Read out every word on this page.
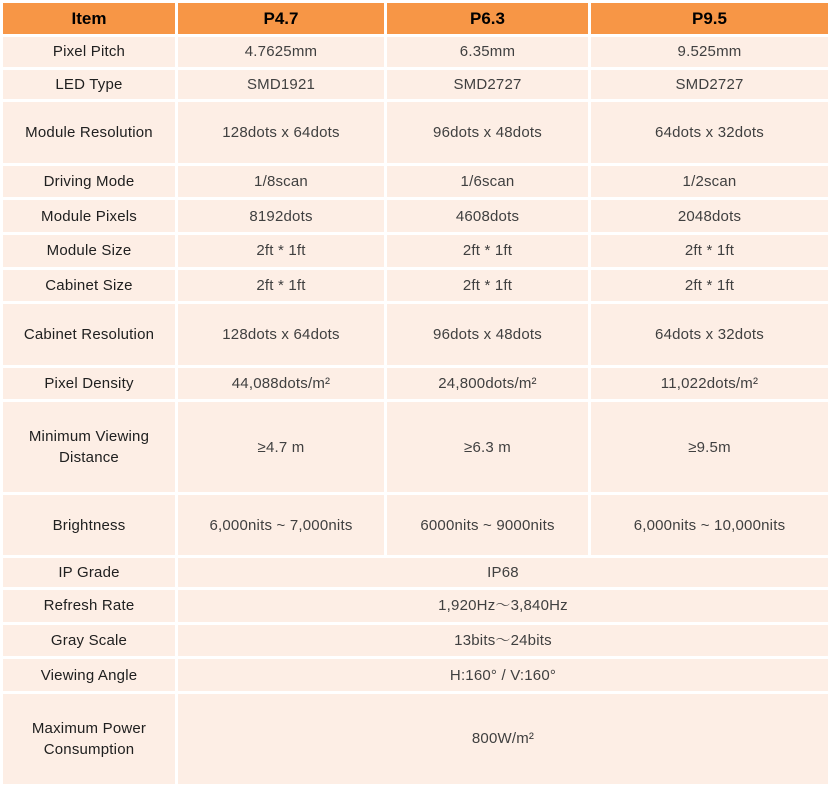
Item	P4.7	P6.3	P9.5
Pixel Pitch	4.7625mm	6.35mm	9.525mm
LED Type	SMD1921	SMD2727	SMD2727
Module Resolution	128dots x 64dots	96dots x 48dots	64dots x 32dots
Driving Mode	1/8scan	1/6scan	1/2scan
Module Pixels	8192dots	4608dots	2048dots
Module Size	2ft * 1ft	2ft * 1ft	2ft * 1ft
Cabinet Size	2ft * 1ft	2ft * 1ft	2ft * 1ft
Cabinet Resolution	128dots x 64dots	96dots x 48dots	64dots x 32dots
Pixel Density	44,088dots/m²	24,800dots/m²	11,022dots/m²
Minimum Viewing Distance	≥4.7 m	≥6.3 m	≥9.5m
Brightness	6,000nits ~ 7,000nits	6000nits ~ 9000nits	6,000nits ~ 10,000nits
IP Grade	IP68		
Refresh Rate	1,920Hz～3,840Hz		
Gray Scale	13bits～24bits		
Viewing Angle	H:160° / V:160°		
Maximum Power Consumption	800W/m²		
